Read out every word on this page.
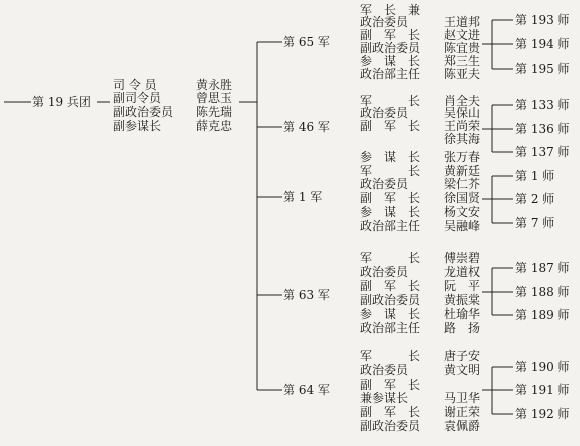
第 19 兵团
司 令 员	黄永胜
副司令员	曾思玉
副政治委员 陈先瑞
副参谋长	薛克忠
第 65 军
军　长　兼
政治委员	王道邦
副　军　长 赵文进
副政治委员 陈宜贵
参　谋　长 郑三生
政治部主任 陈亚夫
第 193 师
第 194 师
第 195 师
第 46 军
军　　　长 肖全夫
政治委员	吴保山
副　军　长 王尚荣
徐其海
参　谋　长 张万春
第 133 师
第 136 师
第 137 师
第 1 军
军　　　长 黄新廷
政治委员	梁仁芥
副　军　长 徐国贤
参　谋　长 杨文安
政治部主任 吴融峰
第 1 师
第 2 师
第 7 师
第 63 军
军　　　长 傅崇碧
政治委员	龙道权
副　军　长 阮　平
副政治委员 黄振棠
参　谋　长 杜瑜华
政治部主任 路　扬
第 187 师
第 188 师
第 189 师
第 64 军
军　　　长 唐子安
政治委员	黄文明
副　军　长
兼参谋长	马卫华
副　军　长 谢正荣
副政治委员 袁佩爵
第 190 师
第 191 师
第 192 师
